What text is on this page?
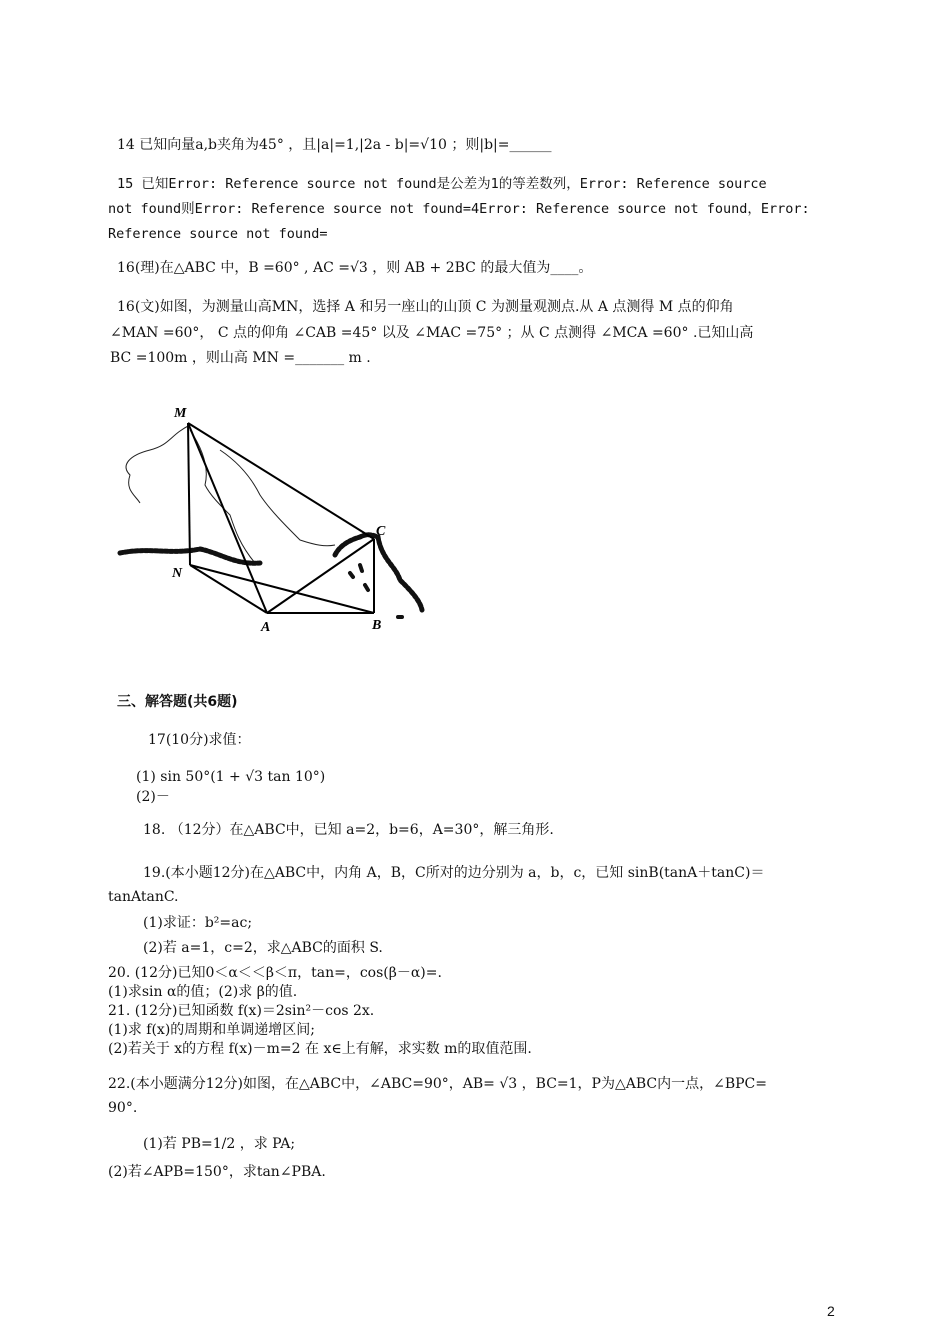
14 已知向量a,b夹角为45° ，且|a|=1,|2a - b|=√10 ；则|b|=______
15 已知Error: Reference source not found是公差为1的等差数列，Error: Reference source
not found则Error: Reference source not found=4Error: Reference source not found，Error:
Reference source not found=
16(理)在△ABC 中，B =60° , AC =√3 ，则 AB + 2BC 的最大值为____。
16(文)如图，为测量山高MN，选择 A 和另一座山的山顶 C 为测量观测点.从 A 点测得 M 点的仰角
∠MAN =60°， C 点的仰角 ∠CAB =45° 以及 ∠MAC =75° ；从 C 点测得 ∠MCA =60° .已知山高
BC =100m ，则山高 MN =_______ m .
M
N
A	B
C
三、解答题(共6题)
17(10分)求值：
(1) sin 50°(1 + √3 tan 10°)
(2)－
18. （12分）在△ABC中，已知 a=2，b=6，A=30°，解三角形.
19.(本小题12分)在△ABC中，内角 A，B，C所对的边分别为 a，b，c，已知 sinB(tanA＋tanC)＝
tanAtanC.
(1)求证：b²=ac;
(2)若 a=1，c=2，求△ABC的面积 S.
20. (12分)已知0＜α＜＜β＜π，tan=，cos(β－α)=.
(1)求sin α的值；(2)求 β的值.
21. (12分)已知函数 f(x)＝2sin²－cos 2x.
(1)求 f(x)的周期和单调递增区间;
(2)若关于 x的方程 f(x)－m=2 在 x∈上有解，求实数 m的取值范围.
22.(本小题满分12分)如图，在△ABC中，∠ABC=90°，AB= √3 ，BC=1，P为△ABC内一点，∠BPC=
90°.
(1)若 PB=1/2 ，求 PA;
(2)若∠APB=150°，求tan∠PBA.
2
